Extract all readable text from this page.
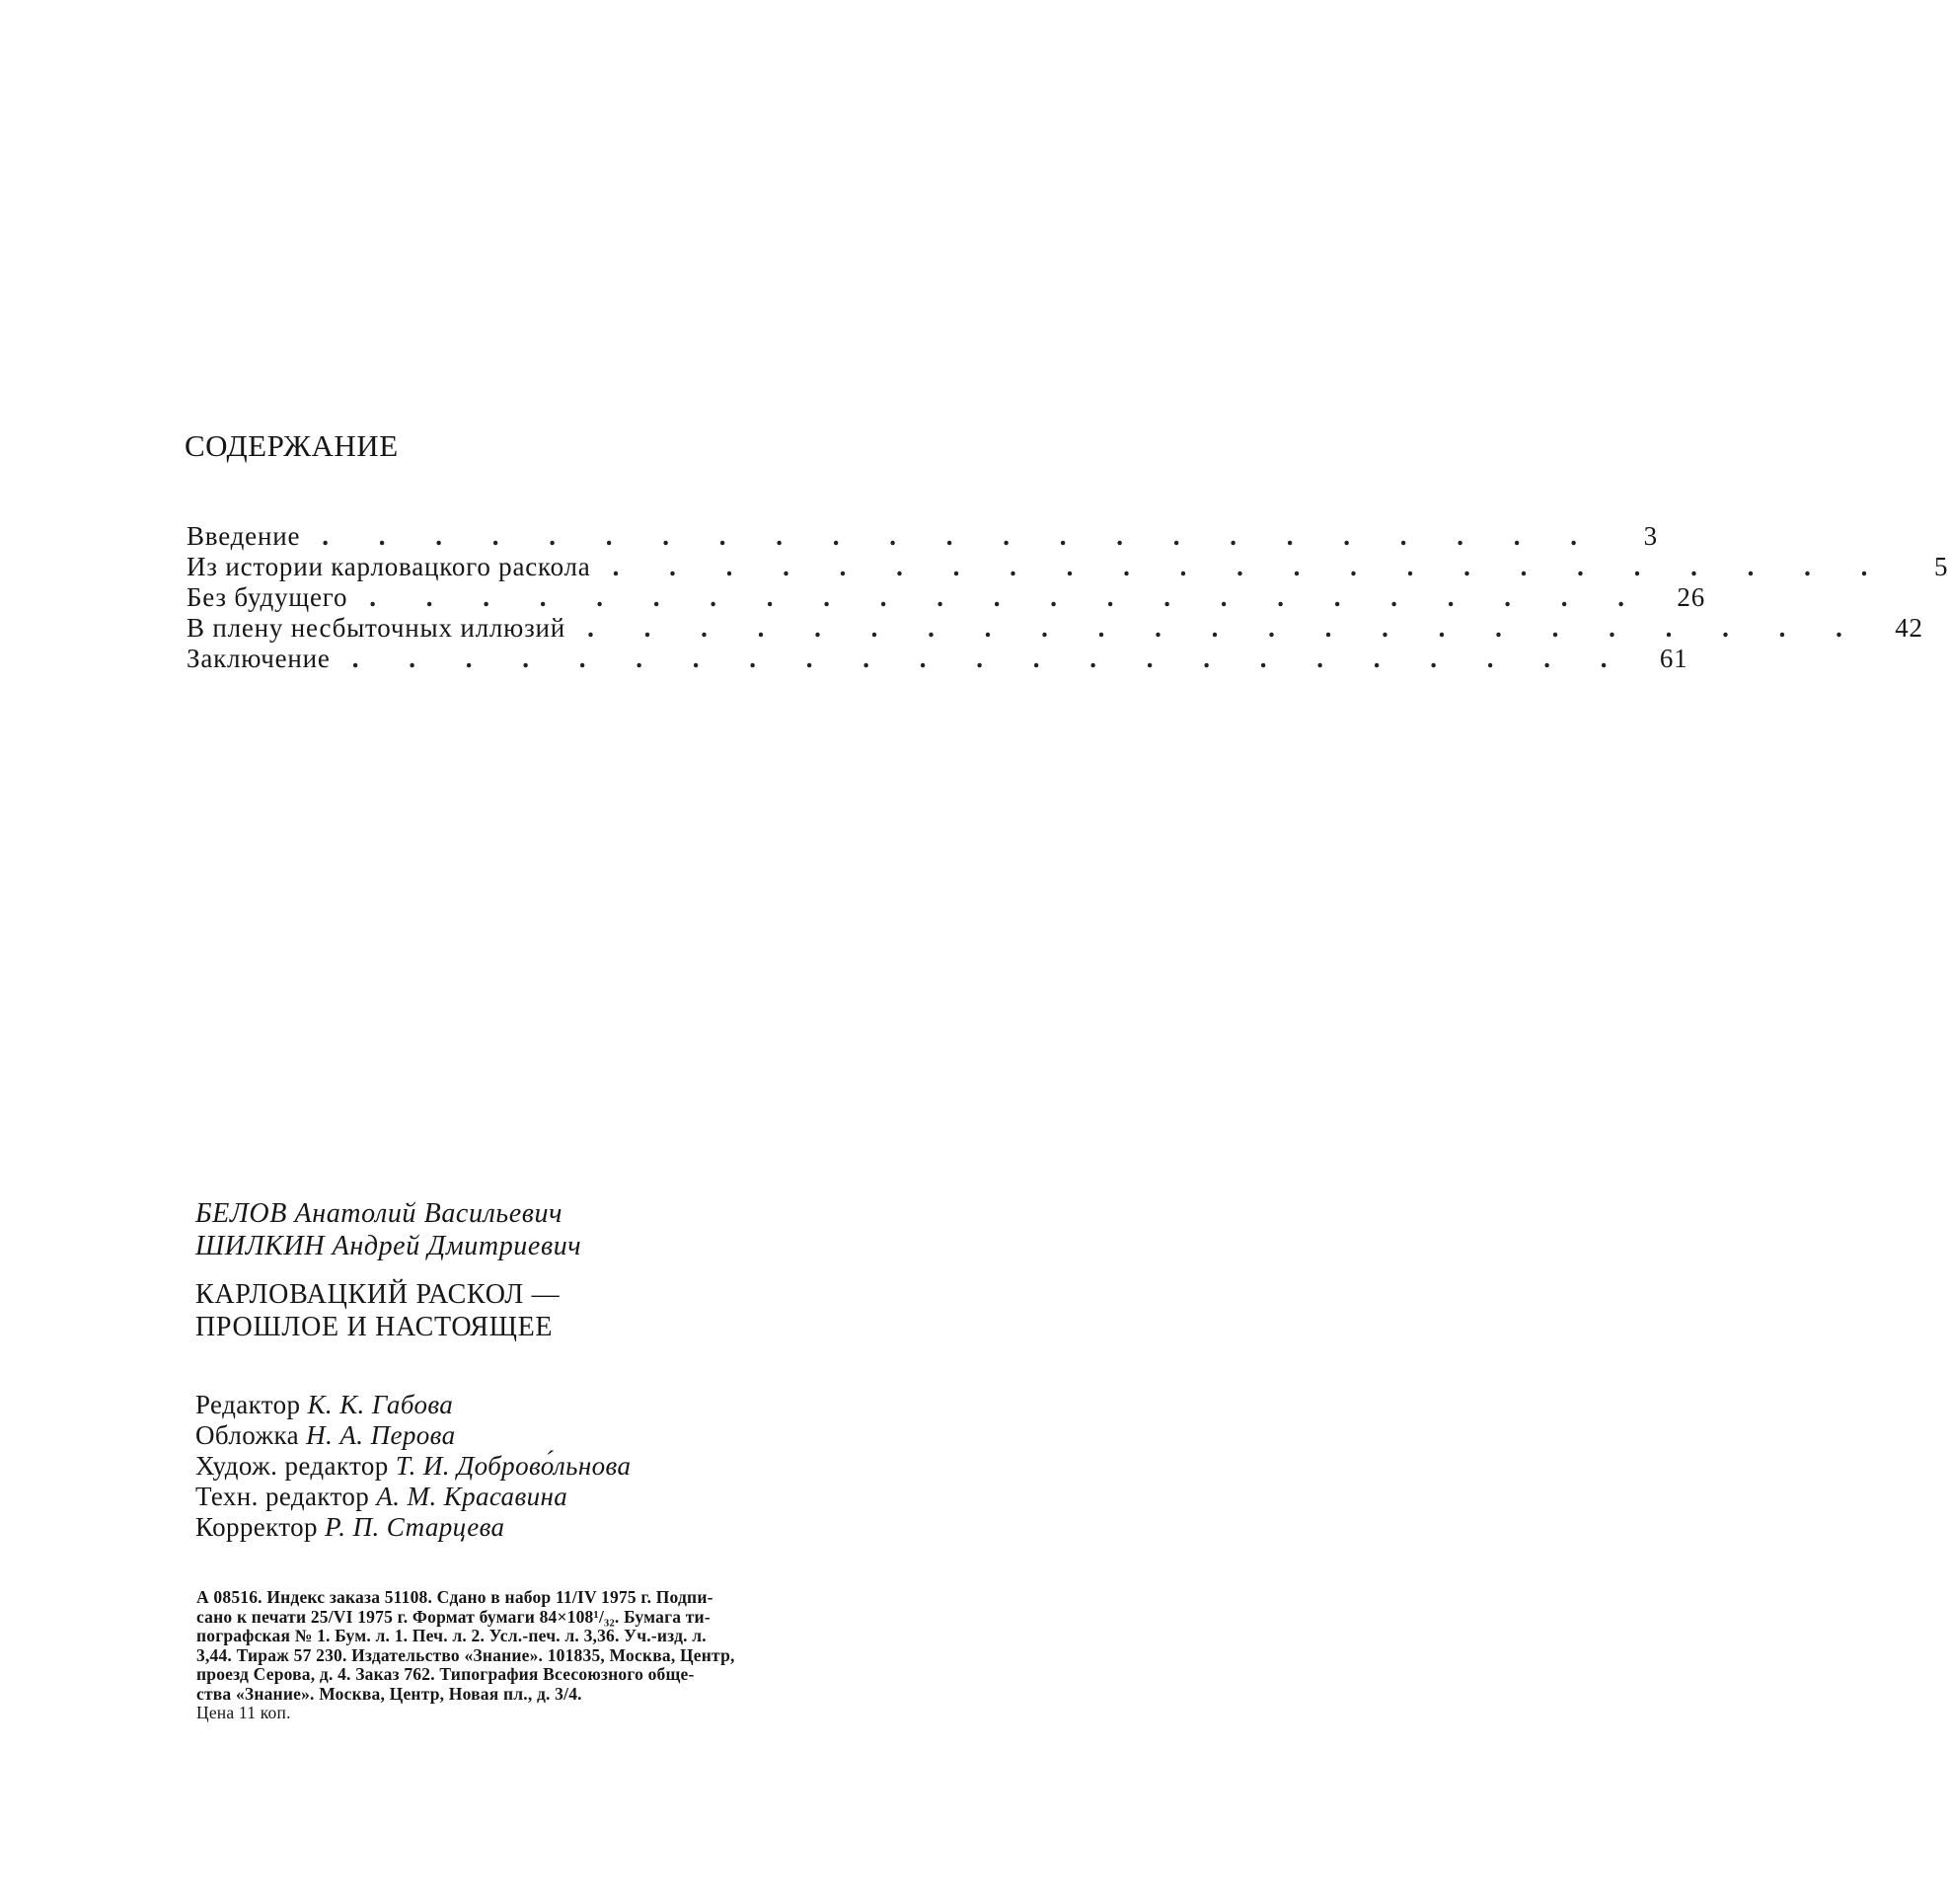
СОДЕРЖАНИЕ
Введение . . . . . . . . . . . . . . . . . . . . . . .	3
Из истории карловацкого раскола . . . . . . . . . . . . . . . . . . . . . . .	5
Без будущего . . . . . . . . . . . . . . . . . . . . . . . 26
В плену несбыточных иллюзий . . . . . . . . . . . . . . . . . . . . . . . 42
Заключение . . . . . . . . . . . . . . . . . . . . . . . 61
БЕЛОВ Анатолий Васильевич
ШИЛКИН Андрей Дмитриевич
КАРЛОВАЦКИЙ РАСКОЛ —
ПРОШЛОЕ И НАСТОЯЩЕЕ
Редактор К. К. Габова
Обложка Н. А. Перова
Худож. редактор Т. И. Доброво́льнова
Техн. редактор А. М. Красавина
Корректор Р. П. Старцева
А 08516. Индекс заказа 51108. Сдано в набор 11/IV 1975 г. Подпи-
сано к печати 25/VI 1975 г. Формат бумаги 84×108¹/₃₂. Бумага ти-
пографская № 1. Бум. л. 1. Печ. л. 2. Усл.-печ. л. 3,36. Уч.-изд. л.
3,44. Тираж 57 230. Издательство «Знание». 101835, Москва, Центр,
проезд Серова, д. 4. Заказ 762. Типография Всесоюзного обще-
ства «Знание». Москва, Центр, Новая пл., д. 3/4.
Цена 11 коп.
